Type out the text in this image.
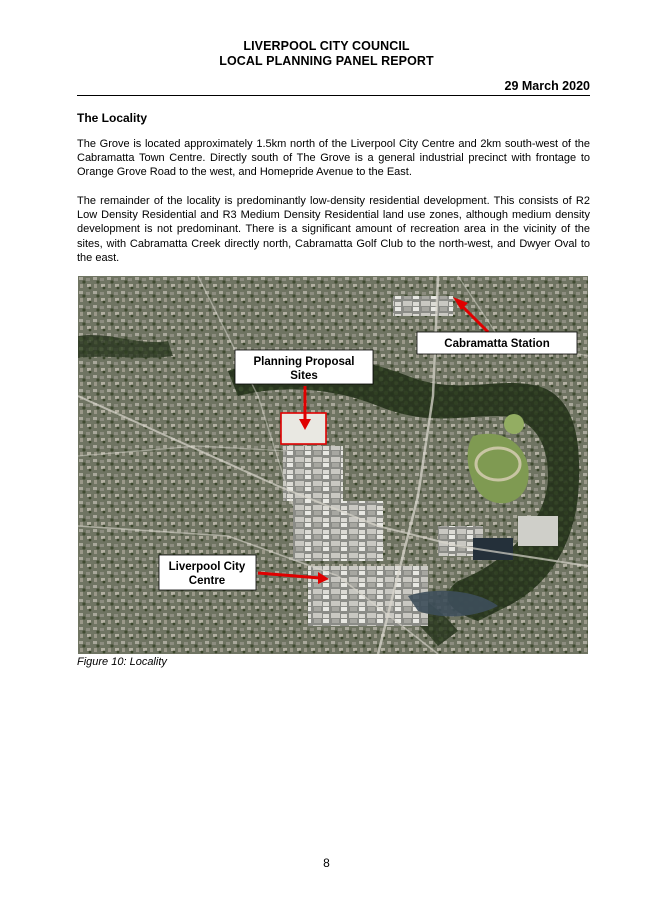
LIVERPOOL CITY COUNCIL
LOCAL PLANNING PANEL REPORT
29 March 2020
The Locality
The Grove is located approximately 1.5km north of the Liverpool City Centre and 2km south-west of the Cabramatta Town Centre. Directly south of The Grove is a general industrial precinct with frontage to Orange Grove Road to the west, and Homepride Avenue to the East.
The remainder of the locality is predominantly low-density residential development. This consists of R2 Low Density Residential and R3 Medium Density Residential land use zones, although medium density development is not predominant. There is a significant amount of recreation area in the vicinity of the sites, with Cabramatta Creek directly north, Cabramatta Golf Club to the north-west, and Dwyer Oval to the east.
Cabramatta Station
Planning Proposal
Sites
Liverpool City
Centre
Figure 10: Locality
8
